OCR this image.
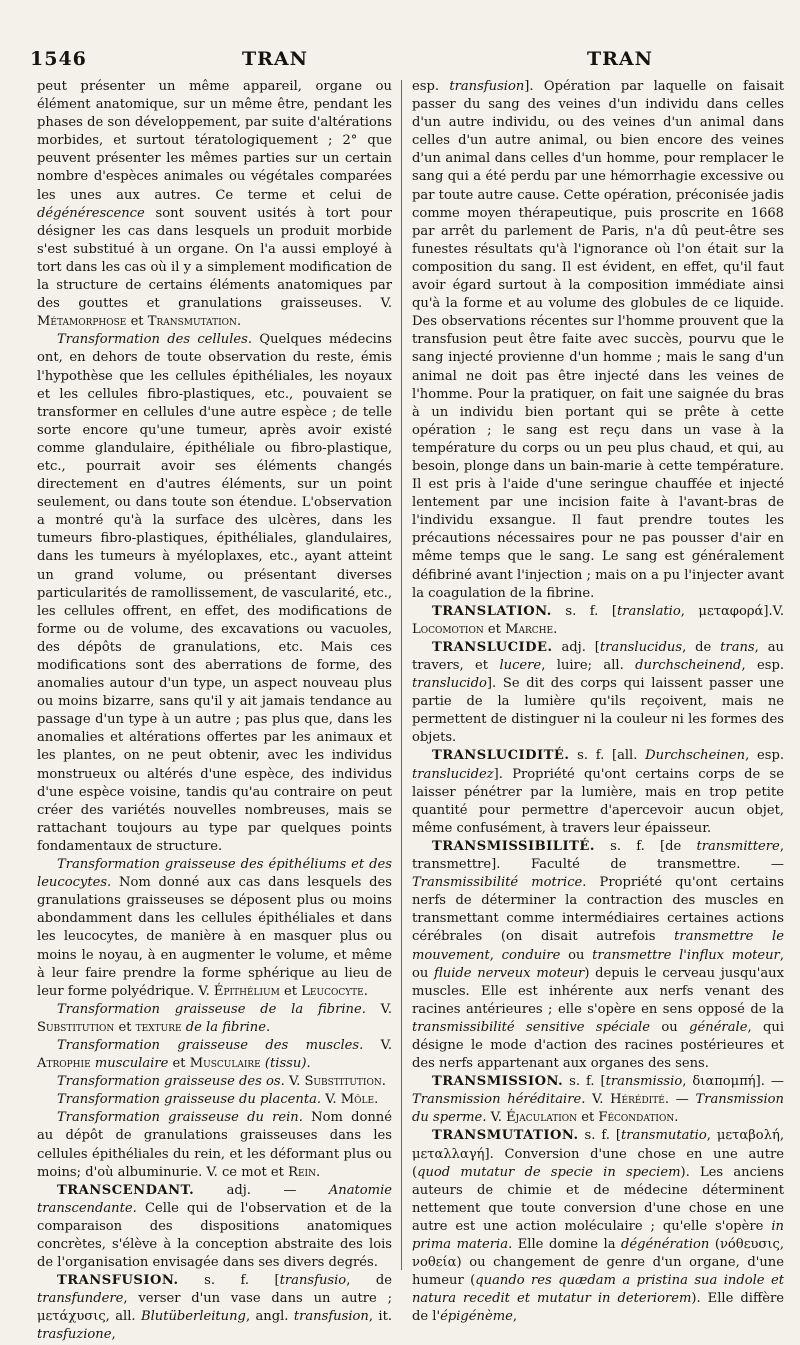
1546	TRAN	TRAN

peut présenter un même appareil, organe ou élément anatomique, sur un même être, pendant les phases de son développement, par suite d'altérations morbides, et surtout tératologiquement ; 2° que peuvent présenter les mêmes parties sur un certain nombre d'espèces animales ou végétales comparées les unes aux autres. Ce terme et celui de dégénérescence sont souvent usités à tort pour désigner les cas dans lesquels un produit morbide s'est substitué à un organe. On l'a aussi employé à tort dans les cas où il y a simplement modification de la structure de certains éléments anatomiques par des gouttes et granulations graisseuses. V. Métamorphose et Transmutation.

Transformation des cellules. Quelques médecins ont, en dehors de toute observation du reste, émis l'hypothèse que les cellules épithéliales, les noyaux et les cellules fibro-plastiques, etc., pouvaient se transformer en cellules d'une autre espèce ; de telle sorte encore qu'une tumeur, après avoir existé comme glandulaire, épithéliale ou fibro-plastique, etc., pourrait avoir ses éléments changés directement en d'autres éléments, sur un point seulement, ou dans toute son étendue. L'observation a montré qu'à la surface des ulcères, dans les tumeurs fibro-plastiques, épithéliales, glandulaires, dans les tumeurs à myéloplaxes, etc., ayant atteint un grand volume, ou présentant diverses particularités de ramollissement, de vascularité, etc., les cellules offrent, en effet, des modifications de forme ou de volume, des excavations ou vacuoles, des dépôts de granulations, etc. Mais ces modifications sont des aberrations de forme, des anomalies autour d'un type, un aspect nouveau plus ou moins bizarre, sans qu'il y ait jamais tendance au passage d'un type à un autre ; pas plus que, dans les anomalies et altérations offertes par les animaux et les plantes, on ne peut obtenir, avec les individus monstrueux ou altérés d'une espèce, des individus d'une espèce voisine, tandis qu'au contraire on peut créer des variétés nouvelles nombreuses, mais se rattachant toujours au type par quelques points fondamentaux de structure.

Transformation graisseuse des épithéliums et des leucocytes. Nom donné aux cas dans lesquels des granulations graisseuses se déposent plus ou moins abondamment dans les cellules épithéliales et dans les leucocytes, de manière à en masquer plus ou moins le noyau, à en augmenter le volume, et même à leur faire prendre la forme sphérique au lieu de leur forme polyédrique. V. Épithélium et Leucocyte.

Transformation graisseuse de la fibrine. V. Substitution et texture de la fibrine.

Transformation graisseuse des muscles. V. Atrophie musculaire et Musculaire (tissu).

Transformation graisseuse des os. V. Substitution.

Transformation graisseuse du placenta. V. Môle.

Transformation graisseuse du rein. Nom donné au dépôt de granulations graisseuses dans les cellules épithéliales du rein, et les déformant plus ou moins; d'où albuminurie. V. ce mot et Rein.

TRANSCENDANT. adj. — Anatomie transcendante. Celle qui de l'observation et de la comparaison des dispositions anatomiques concrètes, s'élève à la conception abstraite des lois de l'organisation envisagée dans ses divers degrés.

TRANSFUSION. s. f. [transfusio, de transfundere, verser d'un vase dans un autre ; μετάχυσις, all. Blutüberleitung, angl. transfusion, it. trasfuzione,

esp. transfusion]. Opération par laquelle on faisait passer du sang des veines d'un individu dans celles d'un autre individu, ou des veines d'un animal dans celles d'un autre animal, ou bien encore des veines d'un animal dans celles d'un homme, pour remplacer le sang qui a été perdu par une hémorrhagie excessive ou par toute autre cause. Cette opération, préconisée jadis comme moyen thérapeutique, puis proscrite en 1668 par arrêt du parlement de Paris, n'a dû peut-être ses funestes résultats qu'à l'ignorance où l'on était sur la composition du sang. Il est évident, en effet, qu'il faut avoir égard surtout à la composition immédiate ainsi qu'à la forme et au volume des globules de ce liquide. Des observations récentes sur l'homme prouvent que la transfusion peut être faite avec succès, pourvu que le sang injecté provienne d'un homme ; mais le sang d'un animal ne doit pas être injecté dans les veines de l'homme. Pour la pratiquer, on fait une saignée du bras à un individu bien portant qui se prête à cette opération ; le sang est reçu dans un vase à la température du corps ou un peu plus chaud, et qui, au besoin, plonge dans un bain-marie à cette température. Il est pris à l'aide d'une seringue chauffée et injecté lentement par une incision faite à l'avant-bras de l'individu exsangue. Il faut prendre toutes les précautions nécessaires pour ne pas pousser d'air en même temps que le sang. Le sang est généralement défibriné avant l'injection ; mais on a pu l'injecter avant la coagulation de la fibrine.

TRANSLATION. s. f. [translatio, μεταφορά].V. Locomotion et Marche.

TRANSLUCIDE. adj. [translucidus, de trans, au travers, et lucere, luire; all. durchscheinend, esp. translucido]. Se dit des corps qui laissent passer une partie de la lumière qu'ils reçoivent, mais ne permettent de distinguer ni la couleur ni les formes des objets.

TRANSLUCIDITÉ. s. f. [all. Durchscheinen, esp. translucidez]. Propriété qu'ont certains corps de se laisser pénétrer par la lumière, mais en trop petite quantité pour permettre d'apercevoir aucun objet, même confusément, à travers leur épaisseur.

TRANSMISSIBILITÉ. s. f. [de transmittere, transmettre]. Faculté de transmettre. — Transmissibilité motrice. Propriété qu'ont certains nerfs de déterminer la contraction des muscles en transmettant comme intermédiaires certaines actions cérébrales (on disait autrefois transmettre le mouvement, conduire ou transmettre l'influx moteur, ou fluide nerveux moteur) depuis le cerveau jusqu'aux muscles. Elle est inhérente aux nerfs venant des racines antérieures ; elle s'opère en sens opposé de la transmissibilité sensitive spéciale ou générale, qui désigne le mode d'action des racines postérieures et des nerfs appartenant aux organes des sens.

TRANSMISSION. s. f. [transmissio, διαπομπή]. — Transmission héréditaire. V. Hérédité. — Transmission du sperme. V. Éjaculation et Fécondation.

TRANSMUTATION. s. f. [transmutatio, μεταβολή, μεταλλαγή]. Conversion d'une chose en une autre (quod mutatur de specie in speciem). Les anciens auteurs de chimie et de médecine déterminent nettement que toute conversion d'une chose en une autre est une action moléculaire ; qu'elle s'opère in prima materia. Elle domine la dégénération (νόθευσις, νοθεία) ou changement de genre d'un organe, d'une humeur (quando res quædam a pristina sua indole et natura recedit et mutatur in deteriorem). Elle diffère de l'épigénème,
